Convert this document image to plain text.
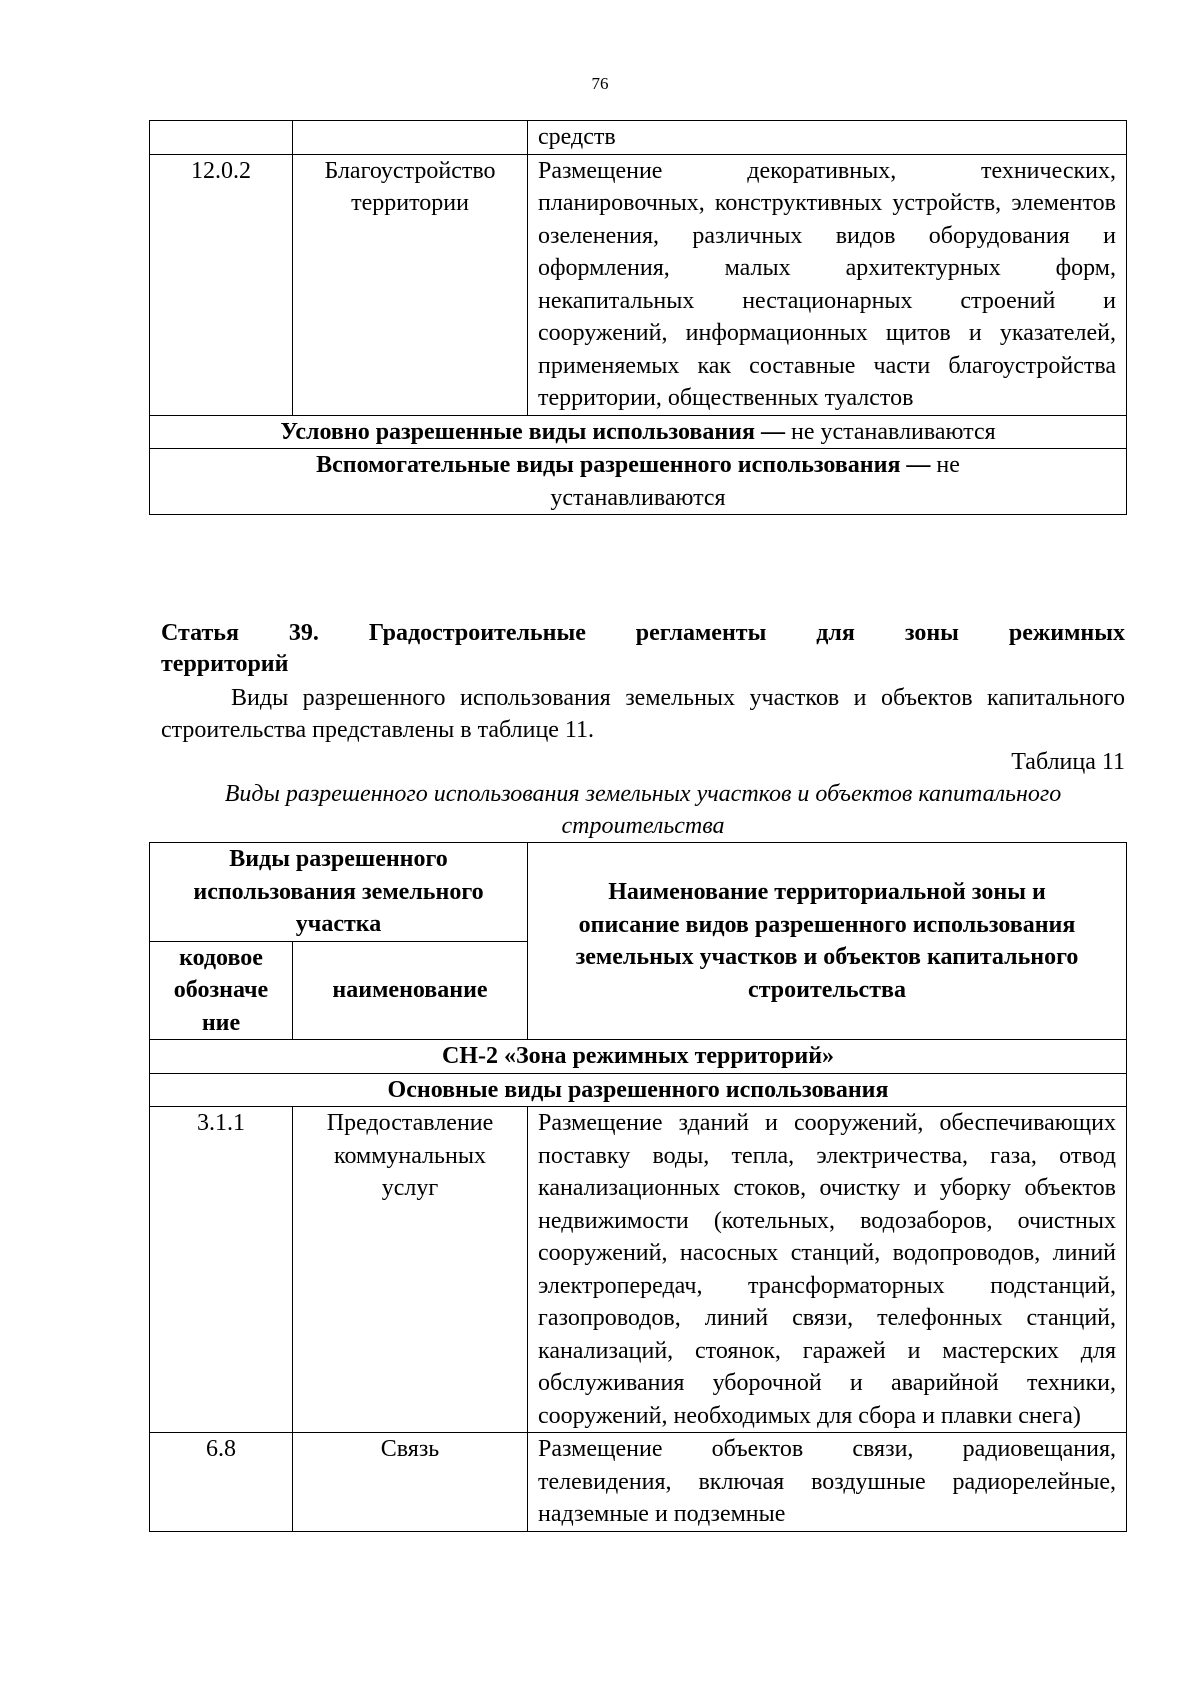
76
		средств
12.0.2	Благоустройство территории	Размещение декоративных, технических, планировочных, конструктивных устройств, элементов озеленения, различных видов оборудования и оформления, малых архитектурных форм, некапитальных нестационарных строений и сооружений, информационных щитов и указателей, применяемых как составные части благоустройства территории, общественных туалстов
Условно разрешенные виды использования — не устанавливаются		
Вспомогательные виды разрешенного использования — не устанавливаются		
Статья 39. Градостроительные регламенты для зоны режимных
территорий
Виды разрешенного использования земельных участков и объектов капитального строительства представлены в таблице 11.
Таблица 11
Виды разрешенного использования земельных участков и объектов капитального строительства
Виды разрешенного использования земельного участка		Наименование территориальной зоны и описание видов разрешенного использования земельных участков и объектов капитального строительства
кодовое обозначе ние	наименование	
СН-2 «Зона режимных территорий»		
Основные виды разрешенного использования		
3.1.1	Предоставление коммунальных услуг	Размещение зданий и сооружений, обеспечивающих поставку воды, тепла, электричества, газа, отвод канализационных стоков, очистку и уборку объектов недвижимости (котельных, водозаборов, очистных сооружений, насосных станций, водопроводов, линий электропередач, трансформаторных подстанций, газопроводов, линий связи, телефонных станций, канализаций, стоянок, гаражей и мастерских для обслуживания уборочной и аварийной техники, сооружений, необходимых для сбора и плавки снега)
6.8	Связь	Размещение объектов связи, радиовещания, телевидения, включая воздушные радиорелейные, надземные и подземные
